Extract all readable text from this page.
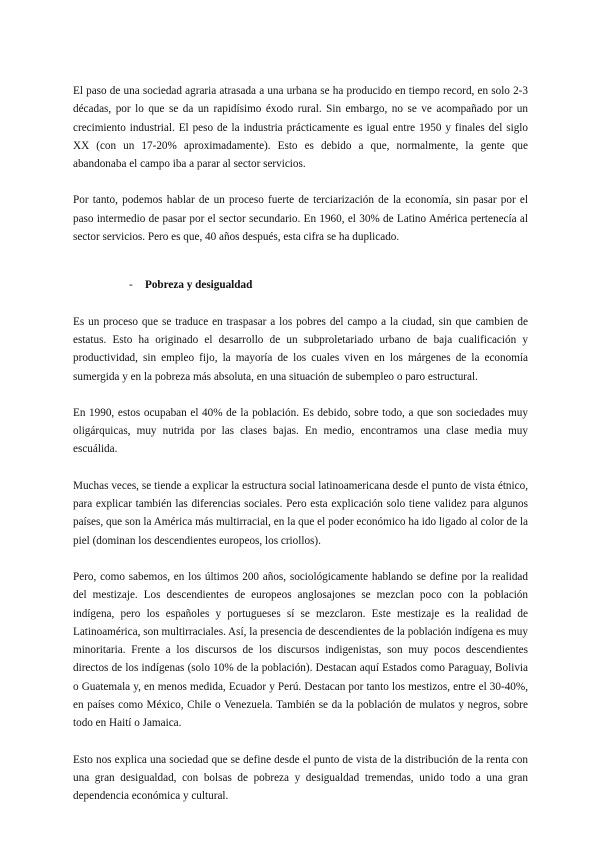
El paso de una sociedad agraria atrasada a una urbana se ha producido en tiempo record, en solo 2-3 décadas, por lo que se da un rapidísimo éxodo rural. Sin embargo, no se ve acompañado por un crecimiento industrial. El peso de la industria prácticamente es igual entre 1950 y finales del siglo XX (con un 17-20% aproximadamente). Esto es debido a que, normalmente, la gente que abandonaba el campo iba a parar al sector servicios.

Por tanto, podemos hablar de un proceso fuerte de terciarización de la economía, sin pasar por el paso intermedio de pasar por el sector secundario. En 1960, el 30% de Latino América pertenecía al sector servicios. Pero es que, 40 años después, esta cifra se ha duplicado.

- Pobreza y desigualdad

Es un proceso que se traduce en traspasar a los pobres del campo a la ciudad, sin que cambien de estatus. Esto ha originado el desarrollo de un subproletariado urbano de baja cualificación y productividad, sin empleo fijo, la mayoría de los cuales viven en los márgenes de la economía sumergida y en la pobreza más absoluta, en una situación de subempleo o paro estructural.

En 1990, estos ocupaban el 40% de la población. Es debido, sobre todo, a que son sociedades muy oligárquicas, muy nutrida por las clases bajas. En medio, encontramos una clase media muy escuálida.

Muchas veces, se tiende a explicar la estructura social latinoamericana desde el punto de vista étnico, para explicar también las diferencias sociales. Pero esta explicación solo tiene validez para algunos países, que son la América más multirracial, en la que el poder económico ha ido ligado al color de la piel (dominan los descendientes europeos, los criollos).

Pero, como sabemos, en los últimos 200 años, sociológicamente hablando se define por la realidad del mestizaje. Los descendientes de europeos anglosajones se mezclan poco con la población indígena, pero los españoles y portugueses sí se mezclaron. Este mestizaje es la realidad de Latinoamérica, son multirraciales. Así, la presencia de descendientes de la población indígena es muy minoritaria. Frente a los discursos de los discursos indigenistas, son muy pocos descendientes directos de los indígenas (solo 10% de la población). Destacan aquí Estados como Paraguay, Bolivia o Guatemala y, en menos medida, Ecuador y Perú. Destacan por tanto los mestizos, entre el 30-40%, en países como México, Chile o Venezuela. También se da la población de mulatos y negros, sobre todo en Haití o Jamaica.

Esto nos explica una sociedad que se define desde el punto de vista de la distribución de la renta con una gran desigualdad, con bolsas de pobreza y desigualdad tremendas, unido todo a una gran dependencia económica y cultural.
